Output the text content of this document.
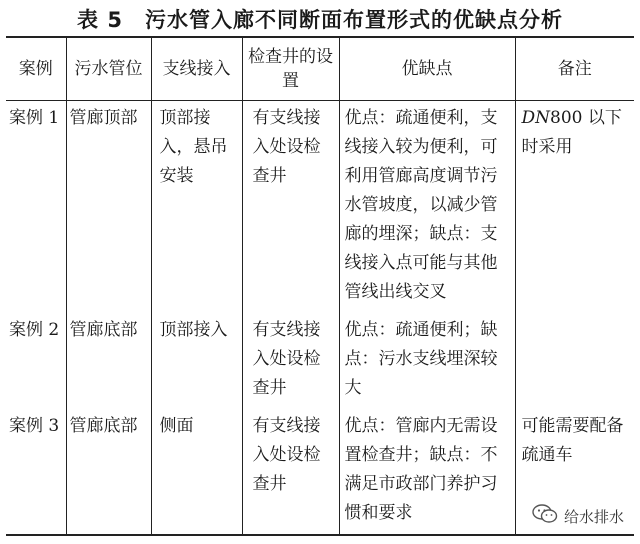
表 5　污水管入廊不同断面布置形式的优缺点分析
案例	污水管位	支线接入	检查井的设置	优缺点	备注
案例 1	管廊顶部	顶部接入，悬吊安装	有支线接入处设检查井	优点：疏通便利，支线接入较为便利，可利用管廊高度调节污水管坡度，以减少管廊的埋深；缺点：支线接入点可能与其他管线出线交叉	DN800 以下时采用
案例 2	管廊底部	顶部接入	有支线接入处设检查井	优点：疏通便利；缺点：污水支线埋深较大	
案例 3	管廊底部	侧面	有支线接入处设检查井	优点：管廊内无需设置检查井；缺点：不满足市政部门养护习惯和要求	可能需要配备疏通车
给水排水
